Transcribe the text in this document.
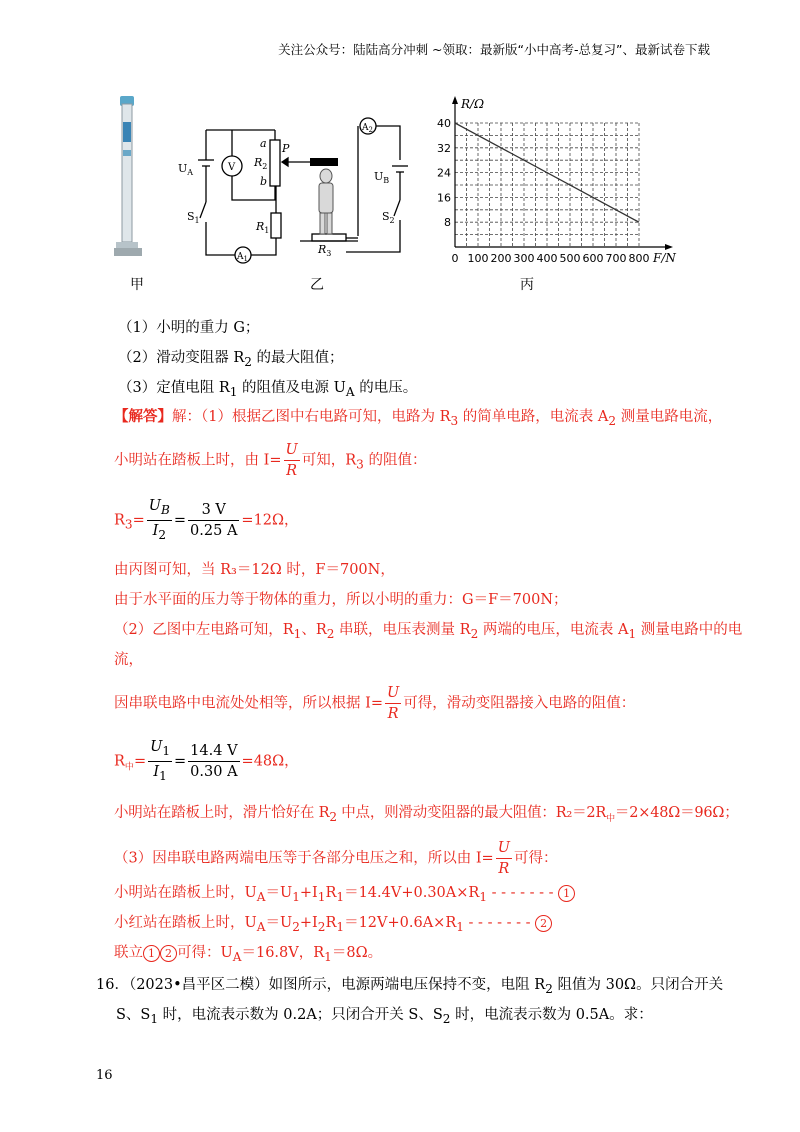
关注公众号：陆陆高分冲刺 ~领取：最新版“小中高考-总复习”、最新试卷下载
甲
$U_A$
$S_1$
V
$A_1$
a
$R_2$
b
P
$R_1$
$A_2$
$U_B$
$S_2$
$R_3$
乙
0 100 200 300 400 500 600 700 800
8
16
24
32
40
R/Ω
F/N
丙
（1）小明的重力 G；
（2）滑动变阻器 $R_2$ 的最大阻值；
（3）定值电阻 $R_1$ 的阻值及电源 $U_A$ 的电压。
【解答】解：（1）根据乙图中右电路可知，电路为 $R_3$ 的简单电路，电流表 $A_2$ 测量电路电流，
小明站在踏板上时，由 $I= \frac{U}{R}$ 可知，$R_3$ 的阻值：
$R_3= \frac{U_B}{I_2} = \frac{3 V}{0.25 A} =12\Omega$，
由丙图可知，当 R₃＝12Ω 时，F＝700N，
由于水平面的压力等于物体的重力，所以小明的重力：G＝F＝700N；
（2）乙图中左电路可知，$R_1$、$R_2$ 串联，电压表测量 $R_2$ 两端的电压，电流表 $A_1$ 测量电路中的电
流，
因串联电路中电流处处相等，所以根据 $I= \frac{U}{R}$ 可得，滑动变阻器接入电路的阻值：
$R_中= \frac{U_1}{I_1} = \frac{14.4 V}{0.30 A} =48\Omega$，
小明站在踏板上时，滑片恰好在 $R_2$ 中点，则滑动变阻器的最大阻值：$R_2=2R_中=2\times 48\Omega=96\Omega$；
（3）因串联电路两端电压等于各部分电压之和，所以由 $I= \frac{U}{R}$ 可得：
小明站在踏板上时，$U_A=U_1+I_1R_1=14.4V+0.30A\times R_1$ - - - - - - - 1
小红站在踏板上时，$U_A=U_2+I_2R_1=12V+0.6A\times R_1$ - - - - - - - 2
联立 1 2 可得：$U_A=16.8V$，$R_1=8\Omega$。
16．（2023•昌平区二模）如图所示，电源两端电压保持不变，电阻 $R_2$ 阻值为 30Ω。只闭合开关
S、$S_1$ 时，电流表示数为 0.2A；只闭合开关 S、$S_2$ 时，电流表示数为 0.5A。求：
16
